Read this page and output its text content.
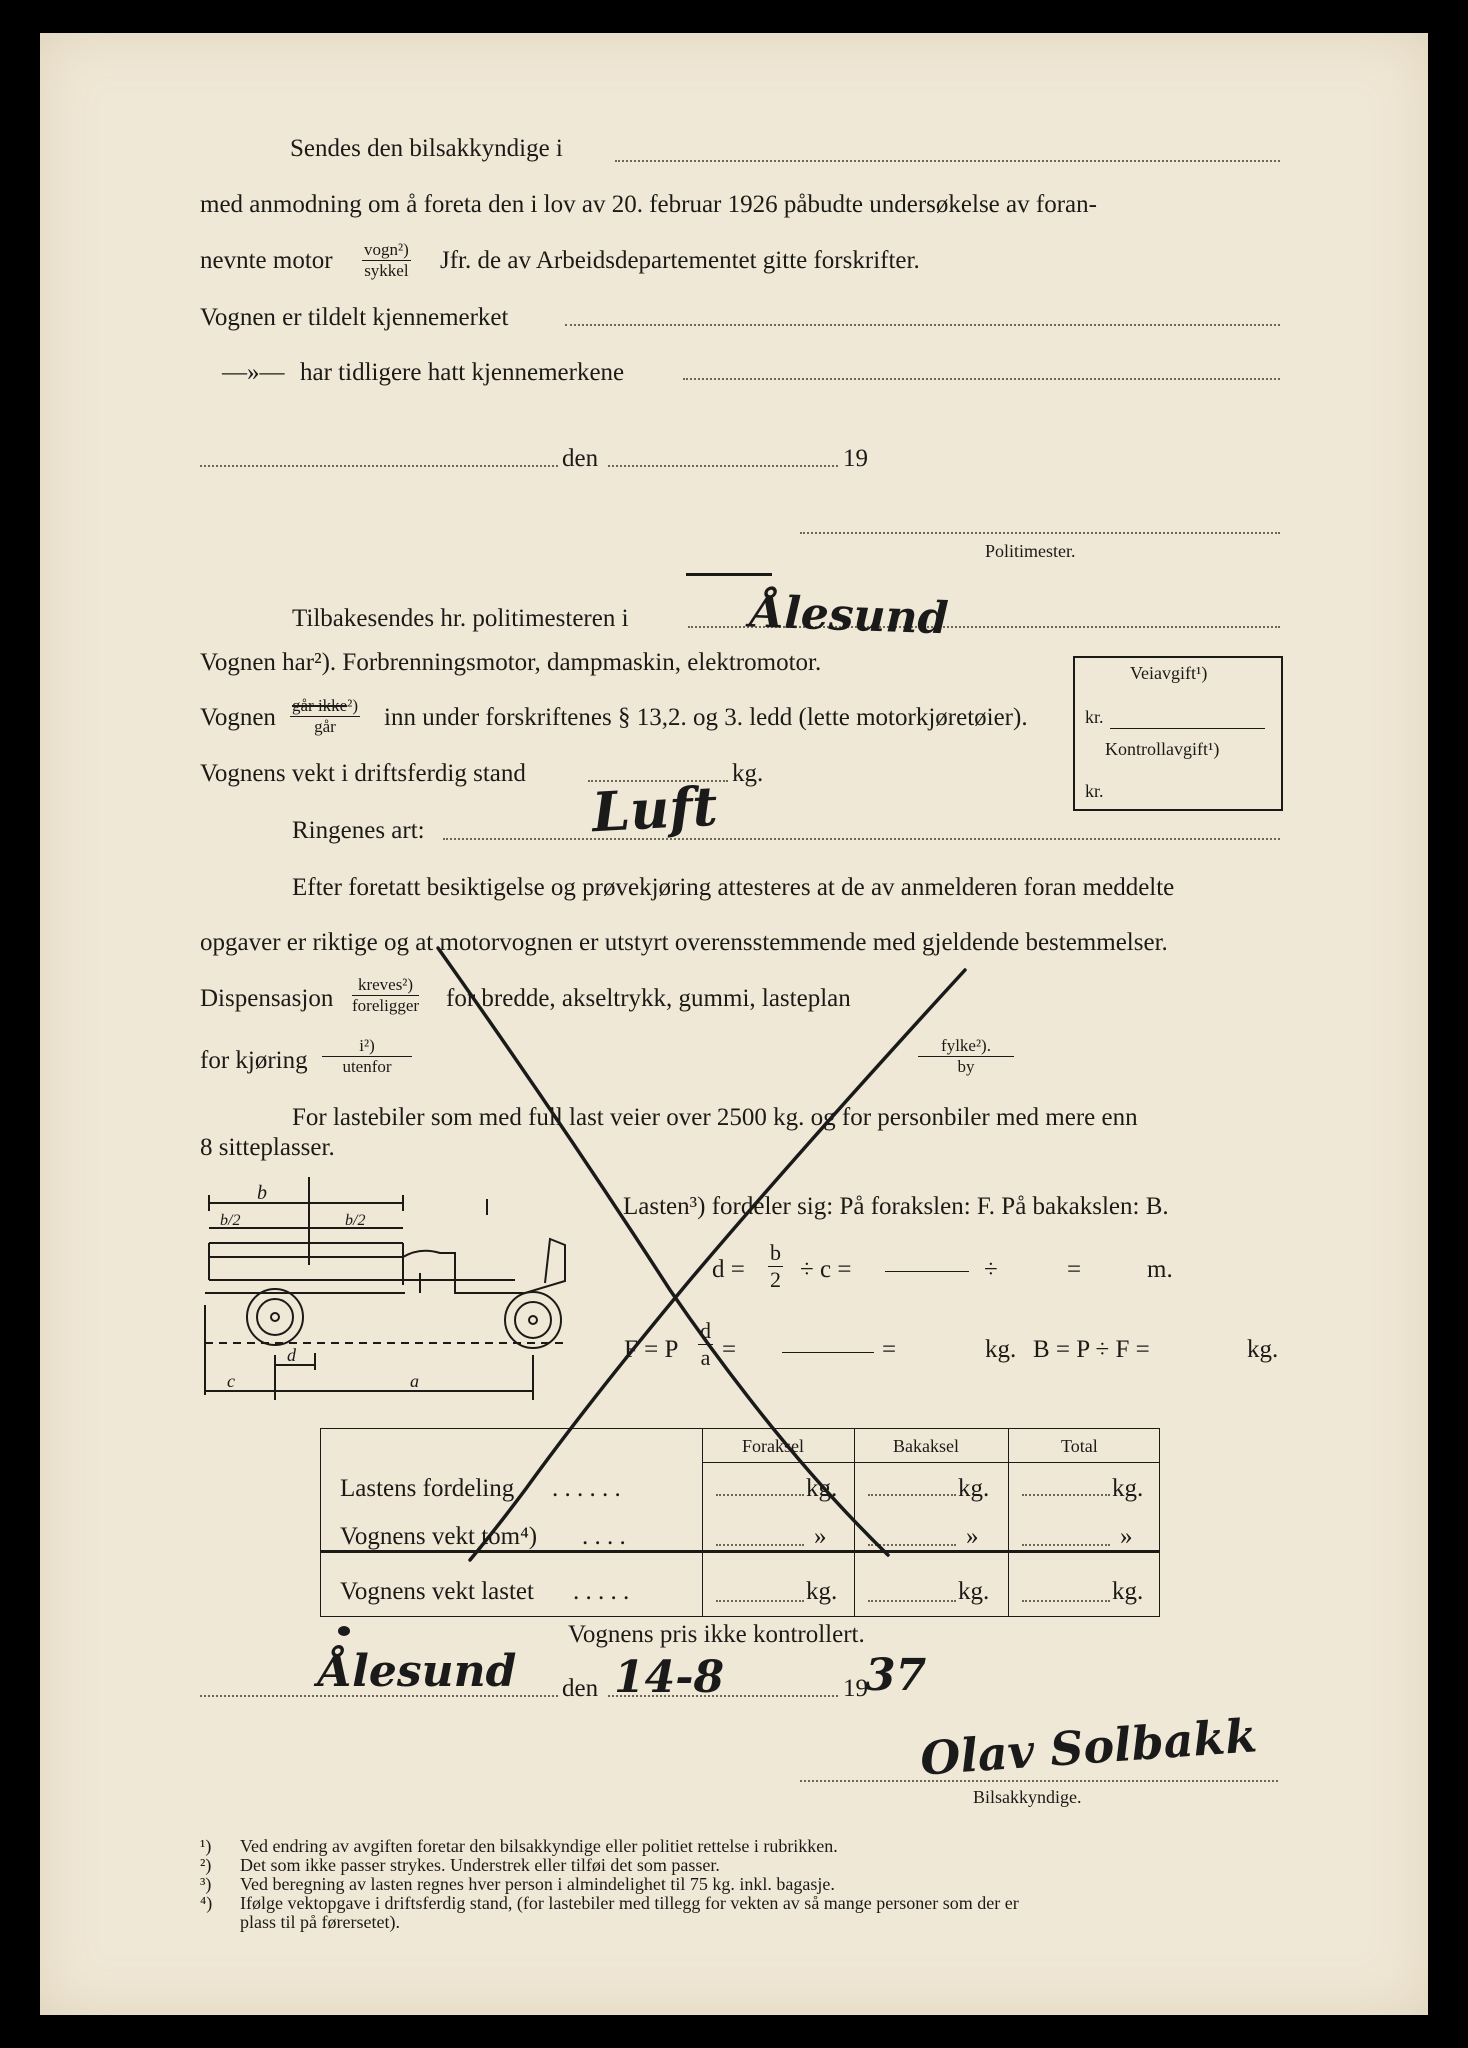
Sendes den bilsakkyndige i
med anmodning om å foreta den i lov av 20. februar 1926 påbudte undersøkelse av foran-
nevnte motor vogn²)
sykkel Jfr. de av Arbeidsdepartementet gitte forskrifter.
Vognen er tildelt kjennemerket
—»— har tidligere hatt kjennemerkene
den	19
Politimester.
Tilbakesendes hr. politimesteren i	Ålesund
Vognen har²). Forbrenningsmotor, dampmaskin, elektromotor.
Vognen går ikke²)
går	inn under forskriftenes § 13,2. og 3. ledd (lette motorkjøretøier).
Vognens vekt i driftsferdig stand	kg.
Ringenes art:	Luft
Veiavgift¹)
kr.
Kontrollavgift¹)
kr.
Efter foretatt besiktigelse og prøvekjøring attesteres at de av anmelderen foran meddelte
opgaver er riktige og at motorvognen er utstyrt overensstemmende med gjeldende bestemmelser.
Dispensasjon
kreves²)
foreligger for bredde, akseltrykk, gummi, lasteplan
for kjøring
i²)
utenfor
fylke²).
by
For lastebiler som med full last veier over 2500 kg. og for personbiler med mere enn
8 sitteplasser.
b
b/2	b/2
d
c	a
Lasten³) fordeler sig: På forakslen: F. På bakakslen: B.
$d = \frac{b}{2} \div c$ =	÷	=	m.
F = P $\frac{d}{a}$ =	=	kg. B = P ÷ F =	kg.
Foraksel	Bakaksel	Total
Lastens fordeling . . . . . .	kg.	kg.	kg.
Vognens vekt tom⁴) . . . .	»	»	»
Vognens vekt lastet . . . . .	kg.	kg.	kg.
Vognens pris ikke kontrollert.
Ålesund den 14-8	19
37
Olav Solbakk
Bilsakkyndige.
¹) Ved endring av avgiften foretar den bilsakkyndige eller politiet rettelse i rubrikken.
²) Det som ikke passer strykes. Understrek eller tilføi det som passer.
³) Ved beregning av lasten regnes hver person i almindelighet til 75 kg. inkl. bagasje.
⁴) Ifølge vektopgave i driftsferdig stand, (for lastebiler med tillegg for vekten av så mange personer som der er
plass til på førersetet).
